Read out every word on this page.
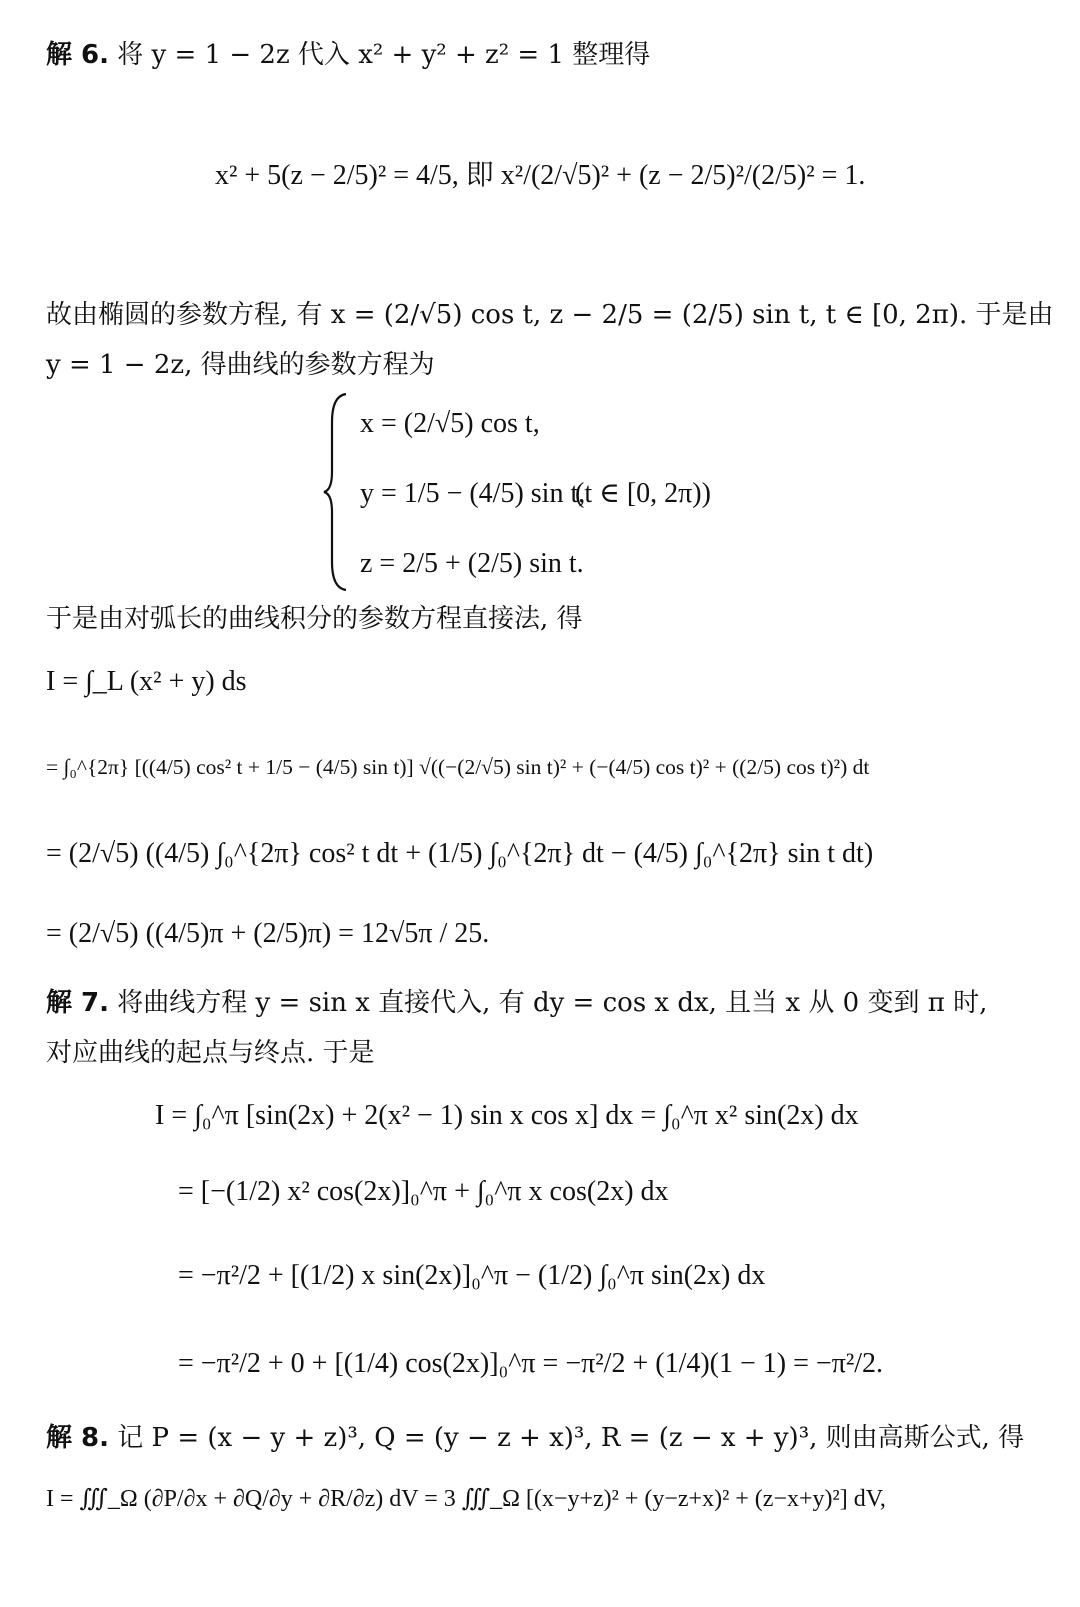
解 6. 将 y = 1 − 2z 代入 x² + y² + z² = 1 整理得
x² + 5(z − 2/5)² = 4/5, 即 x²/(2/√5)² + (z − 2/5)²/(2/5)² = 1.
故由椭圆的参数方程, 有 x = (2/√5) cos t, z − 2/5 = (2/5) sin t, t ∈ [0, 2π). 于是由
y = 1 − 2z, 得曲线的参数方程为
x = (2/√5) cos t,
y = 1/5 − (4/5) sin t,
(t ∈ [0, 2π))
z = 2/5 + (2/5) sin t.
于是由对弧长的曲线积分的参数方程直接法, 得
I = ∫_L (x² + y) ds
= ∫₀^{2π} [((4/5) cos² t + 1/5 − (4/5) sin t)] √((−(2/√5) sin t)² + (−(4/5) cos t)² + ((2/5) cos t)²) dt
= (2/√5) ((4/5) ∫₀^{2π} cos² t dt + (1/5) ∫₀^{2π} dt − (4/5) ∫₀^{2π} sin t dt)
= (2/√5) ((4/5)π + (2/5)π) = 12√5π / 25.
解 7. 将曲线方程 y = sin x 直接代入, 有 dy = cos x dx, 且当 x 从 0 变到 π 时,
对应曲线的起点与终点. 于是
I = ∫₀^π [sin(2x) + 2(x² − 1) sin x cos x] dx = ∫₀^π x² sin(2x) dx
= [−(1/2) x² cos(2x)]₀^π + ∫₀^π x cos(2x) dx
= −π²/2 + [(1/2) x sin(2x)]₀^π − (1/2) ∫₀^π sin(2x) dx
= −π²/2 + 0 + [(1/4) cos(2x)]₀^π = −π²/2 + (1/4)(1 − 1) = −π²/2.
解 8. 记 P = (x − y + z)³, Q = (y − z + x)³, R = (z − x + y)³, 则由高斯公式, 得
I = ∭_Ω (∂P/∂x + ∂Q/∂y + ∂R/∂z) dV = 3 ∭_Ω [(x−y+z)² + (y−z+x)² + (z−x+y)²] dV,
